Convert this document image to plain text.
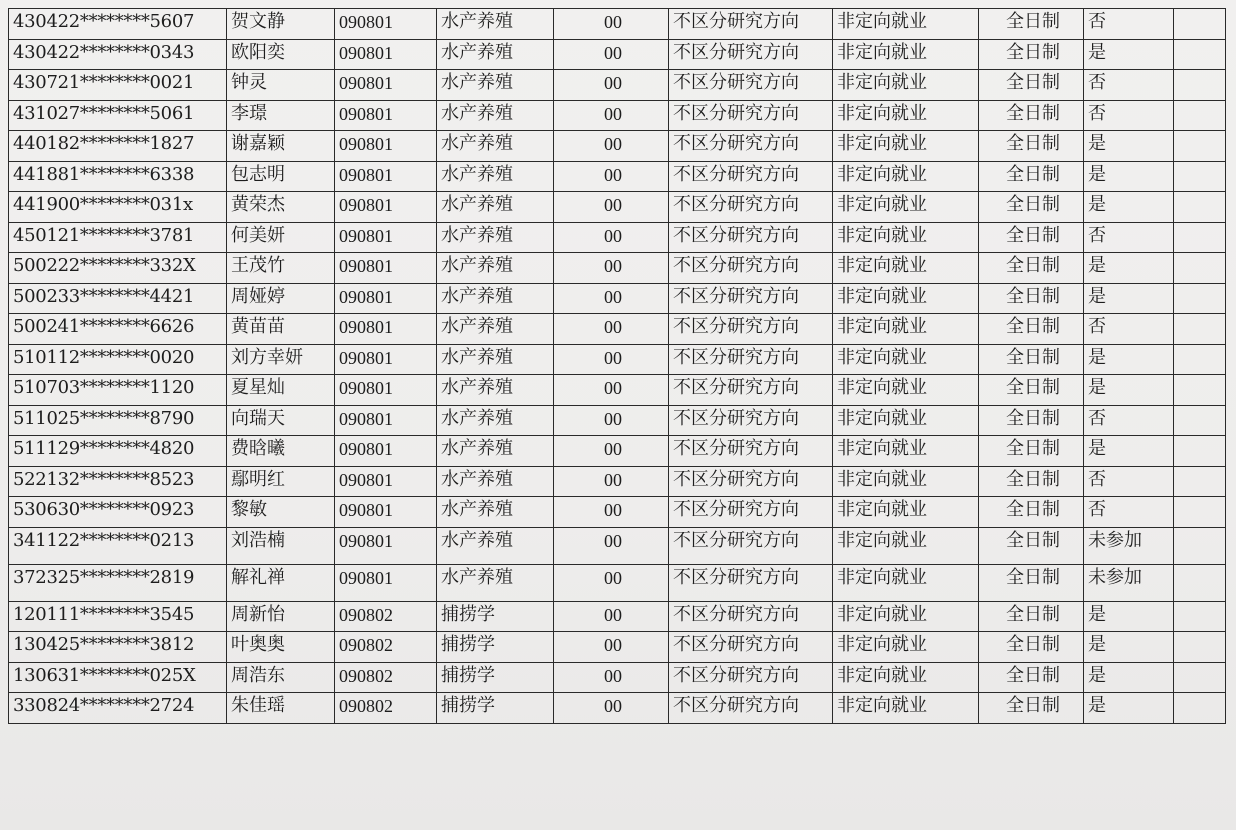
430422********5607	贺文静	090801	水产养殖	00	不区分研究方向	非定向就业	全日制	否	
430422********0343	欧阳奕	090801	水产养殖	00	不区分研究方向	非定向就业	全日制	是	
430721********0021	钟灵	090801	水产养殖	00	不区分研究方向	非定向就业	全日制	否	
431027********5061	李璟	090801	水产养殖	00	不区分研究方向	非定向就业	全日制	否	
440182********1827	谢嘉颖	090801	水产养殖	00	不区分研究方向	非定向就业	全日制	是	
441881********6338	包志明	090801	水产养殖	00	不区分研究方向	非定向就业	全日制	是	
441900********031x	黄荣杰	090801	水产养殖	00	不区分研究方向	非定向就业	全日制	是	
450121********3781	何美妍	090801	水产养殖	00	不区分研究方向	非定向就业	全日制	否	
500222********332X	王茂竹	090801	水产养殖	00	不区分研究方向	非定向就业	全日制	是	
500233********4421	周娅婷	090801	水产养殖	00	不区分研究方向	非定向就业	全日制	是	
500241********6626	黄苗苗	090801	水产养殖	00	不区分研究方向	非定向就业	全日制	否	
510112********0020	刘方幸妍	090801	水产养殖	00	不区分研究方向	非定向就业	全日制	是	
510703********1120	夏星灿	090801	水产养殖	00	不区分研究方向	非定向就业	全日制	是	
511025********8790	向瑞天	090801	水产养殖	00	不区分研究方向	非定向就业	全日制	否	
511129********4820	费晗曦	090801	水产养殖	00	不区分研究方向	非定向就业	全日制	是	
522132********8523	鄢明红	090801	水产养殖	00	不区分研究方向	非定向就业	全日制	否	
530630********0923	黎敏	090801	水产养殖	00	不区分研究方向	非定向就业	全日制	否	
341122********0213	刘浩楠	090801	水产养殖	00	不区分研究方向	非定向就业	全日制	未参加	
372325********2819	解礼禅	090801	水产养殖	00	不区分研究方向	非定向就业	全日制	未参加	
120111********3545	周新怡	090802	捕捞学	00	不区分研究方向	非定向就业	全日制	是	
130425********3812	叶奥奥	090802	捕捞学	00	不区分研究方向	非定向就业	全日制	是	
130631********025X	周浩东	090802	捕捞学	00	不区分研究方向	非定向就业	全日制	是	
330824********2724	朱佳瑶	090802	捕捞学	00	不区分研究方向	非定向就业	全日制	是	
